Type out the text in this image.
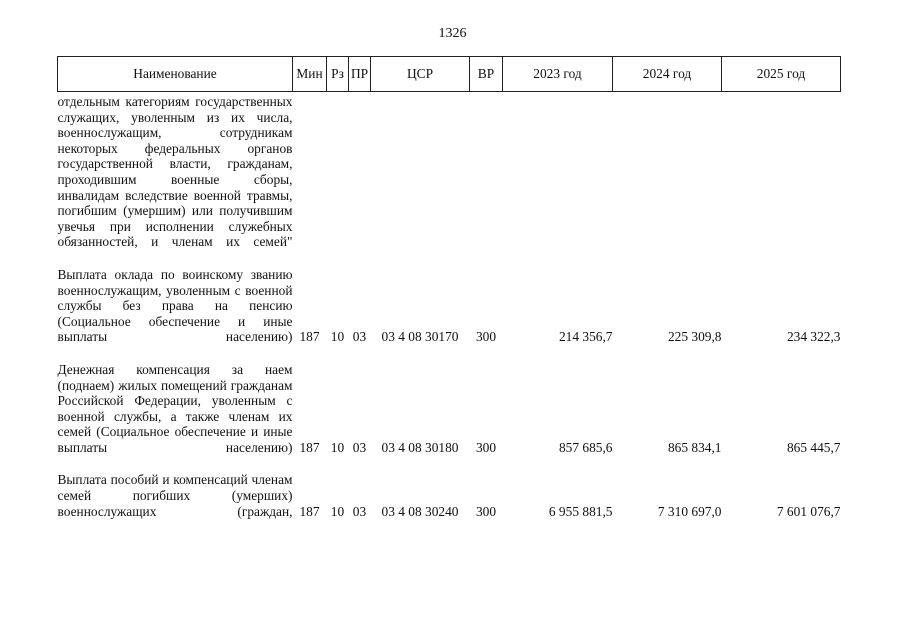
1326
Наименование	Мин	Рз	ПР	ЦСР	ВР	2023 год	2024 год	2025 год
отдельным категориям государственных служащих, уволенным из их числа, военнослужащим, сотрудникам некоторых федеральных органов государственной власти, гражданам, проходившим военные сборы, инвалидам вследствие военной травмы, погибшим (умершим) или получившим увечья при исполнении служебных обязанностей, и членам их семей"								

Выплата оклада по воинскому званию военнослужащим, уволенным с военной службы без права на пенсию (Социальное обеспечение и иные выплаты населению)	187	10	03	03 4 08 30170	300	214 356,7	225 309,8	234 322,3

Денежная компенсация за наем (поднаем) жилых помещений гражданам Российской Федерации, уволенным с военной службы, а также членам их семей (Социальное обеспечение и иные выплаты населению)	187	10	03	03 4 08 30180	300	857 685,6	865 834,1	865 445,7

Выплата пособий и компенсаций членам семей погибших (умерших) военнослужащих (граждан,	187	10	03	03 4 08 30240	300	6 955 881,5	7 310 697,0	7 601 076,7
